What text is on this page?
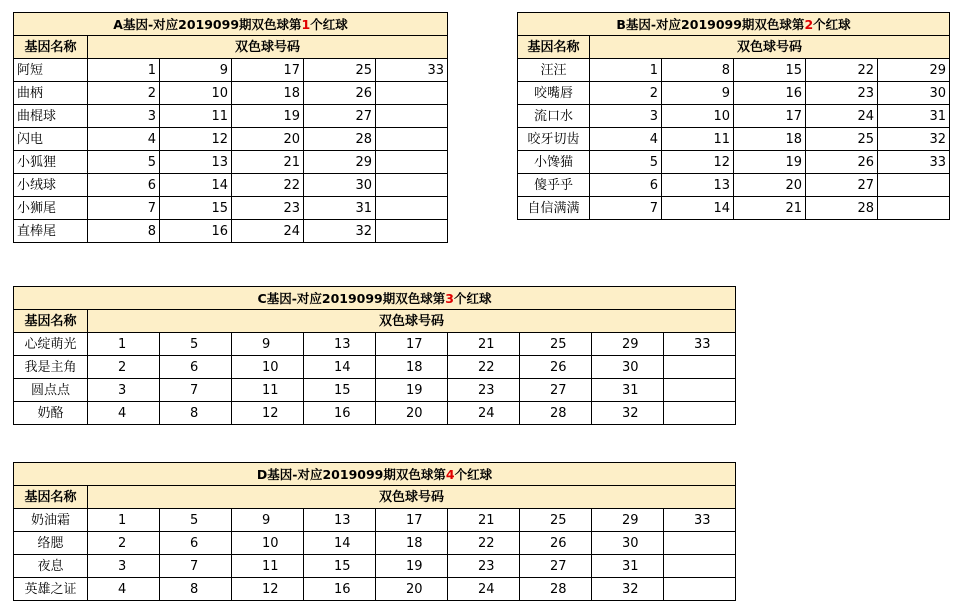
A基因-对应2019099期双色球第1个红球					
基因名称	双色球号码				
阿短	1	9	17	25	33
曲柄	2	10	18	26	
曲棍球	3	11	19	27	
闪电	4	12	20	28	
小狐狸	5	13	21	29	
小绒球	6	14	22	30	
小狮尾	7	15	23	31	
直棒尾	8	16	24	32	
B基因-对应2019099期双色球第2个红球					
基因名称	双色球号码				
汪汪	1	8	15	22	29
咬嘴唇	2	9	16	23	30
流口水	3	10	17	24	31
咬牙切齿	4	11	18	25	32
小馋猫	5	12	19	26	33
傻乎乎	6	13	20	27	
自信满满	7	14	21	28	
C基因-对应2019099期双色球第3个红球									
基因名称	双色球号码								
心绽萌光	1	5	9	13	17	21	25	29	33
我是主角	2	6	10	14	18	22	26	30	
圆点点	3	7	11	15	19	23	27	31	
奶酪	4	8	12	16	20	24	28	32	
D基因-对应2019099期双色球第4个红球									
基因名称	双色球号码								
奶油霜	1	5	9	13	17	21	25	29	33
络腮	2	6	10	14	18	22	26	30	
夜息	3	7	11	15	19	23	27	31	
英雄之证	4	8	12	16	20	24	28	32	
